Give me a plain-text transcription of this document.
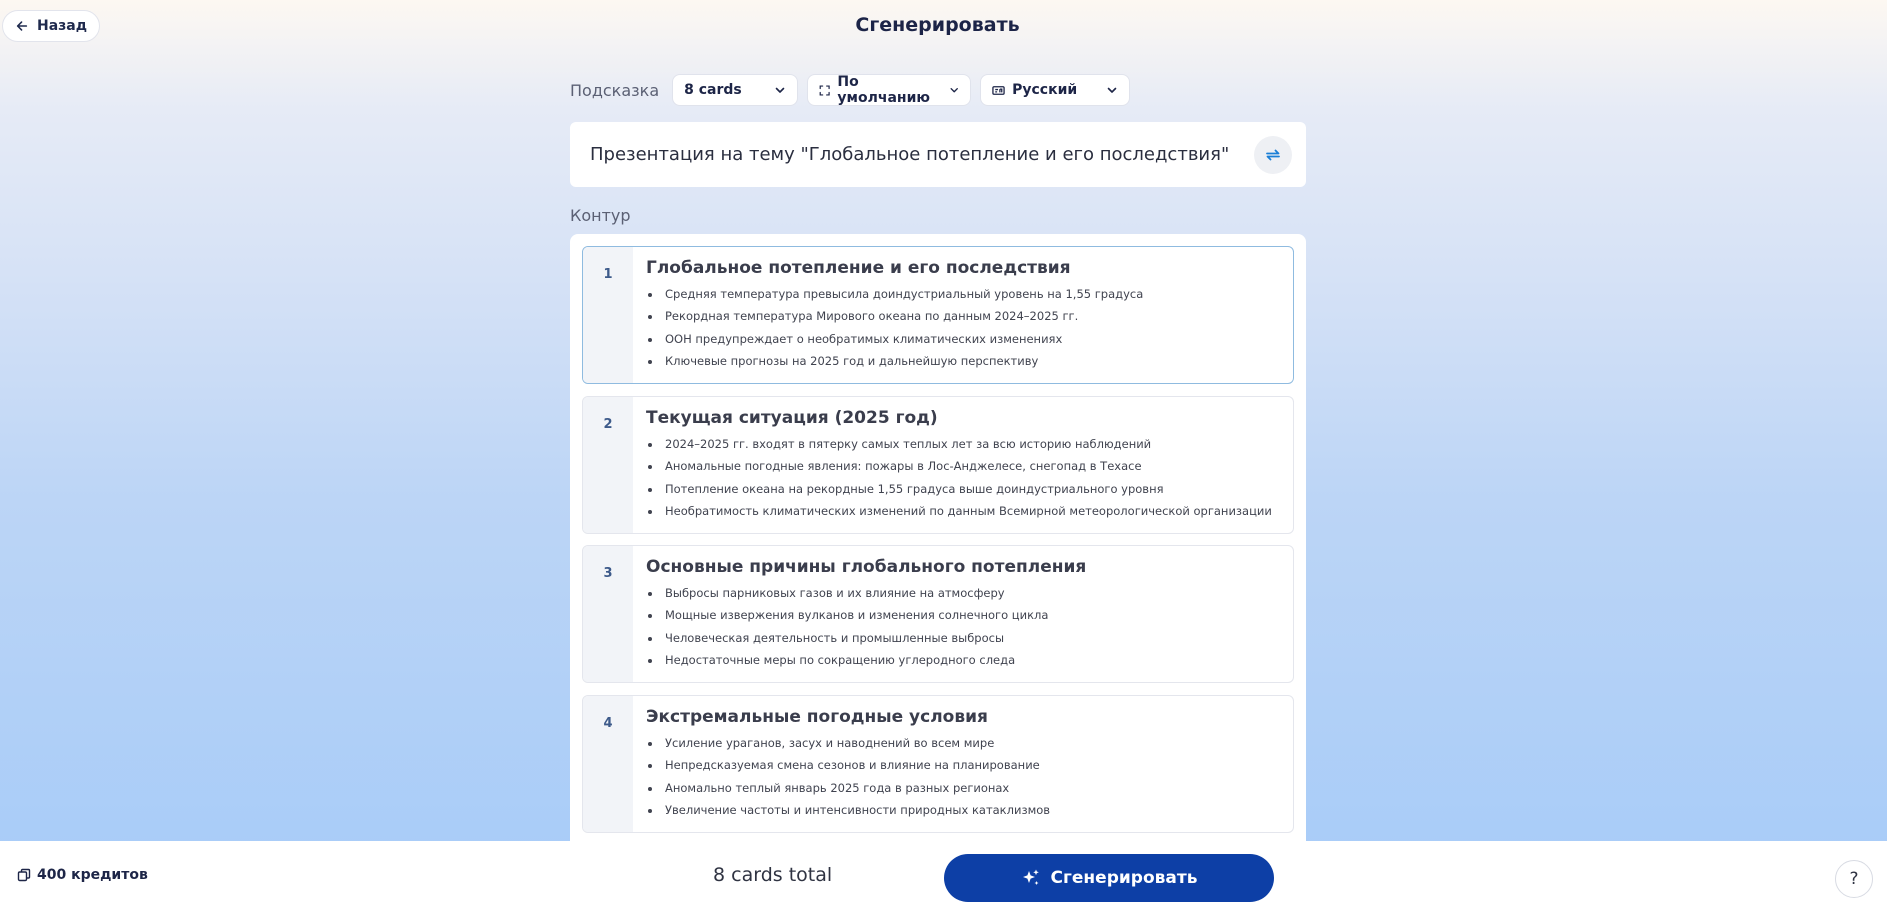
Назад	Сгенерировать
Подсказка 8 cards	По умолчанию	Русский
Презентация на тему "Глобальное потепление и его последствия"
Контур
1	Глобальное потепление и его последствия
Средняя температура превысила доиндустриальный уровень на 1,55 градуса
Рекордная температура Мирового океана по данным 2024–2025 гг.
ООН предупреждает о необратимых климатических изменениях
Ключевые прогнозы на 2025 год и дальнейшую перспективу
2	Текущая ситуация (2025 год)
2024–2025 гг. входят в пятерку самых теплых лет за всю историю наблюдений
Аномальные погодные явления: пожары в Лос-Анджелесе, снегопад в Техасе
Потепление океана на рекордные 1,55 градуса выше доиндустриального уровня
Необратимость климатических изменений по данным Всемирной метеорологической организации
3	Основные причины глобального потепления
Выбросы парниковых газов и их влияние на атмосферу
Мощные извержения вулканов и изменения солнечного цикла
Человеческая деятельность и промышленные выбросы
Недостаточные меры по сокращению углеродного следа
4	Экстремальные погодные условия
Усиление ураганов, засух и наводнений во всем мире
Непредсказуемая смена сезонов и влияние на планирование
Аномально теплый январь 2025 года в разных регионах
Увеличение частоты и интенсивности природных катаклизмов
400 кредитов	8 cards total	Сгенерировать	?
